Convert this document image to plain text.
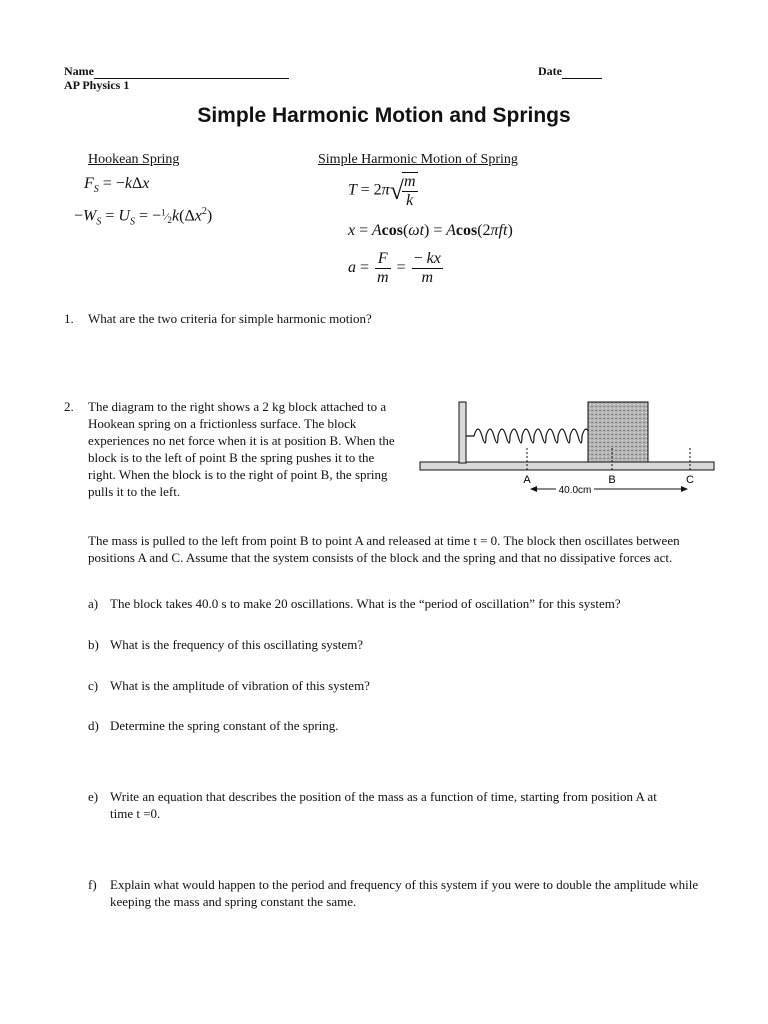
Name
AP Physics 1
Date
Simple Harmonic Motion and Springs
Hookean Spring	Simple Harmonic Motion of Spring
$F_S = -k\Delta x$
$-W_S = U_S$ = $-^1⁄_2k(\Delta x^2)$
T = 2π√
$\frac{m}{k}$
x = Acos(ωt) = Acos(2πft)
$a = \frac{F}{m} = \frac{- kx}{m}$
1. What are the two criteria for simple harmonic motion?
2. The diagram to the right shows a 2 kg block attached to a Hookean spring on a frictionless surface. The block experiences no net force when it is at position B. When the block is to the left of point B the spring pushes it to the right. When the block is to the right of point B, the spring pulls it to the left.
A	B	C
40.0cm
The mass is pulled to the left from point B to point A and released at time t = 0. The block then oscillates between positions A and C. Assume that the system consists of the block and the spring and that no dissipative forces act.
a) The block takes 40.0 s to make 20 oscillations. What is the “period of oscillation” for this system?
b) What is the frequency of this oscillating system?
c) What is the amplitude of vibration of this system?
d) Determine the spring constant of the spring.
e) Write an equation that describes the position of the mass as a function of time, starting from position A at time t =0.
f) Explain what would happen to the period and frequency of this system if you were to double the amplitude while keeping the mass and spring constant the same.
